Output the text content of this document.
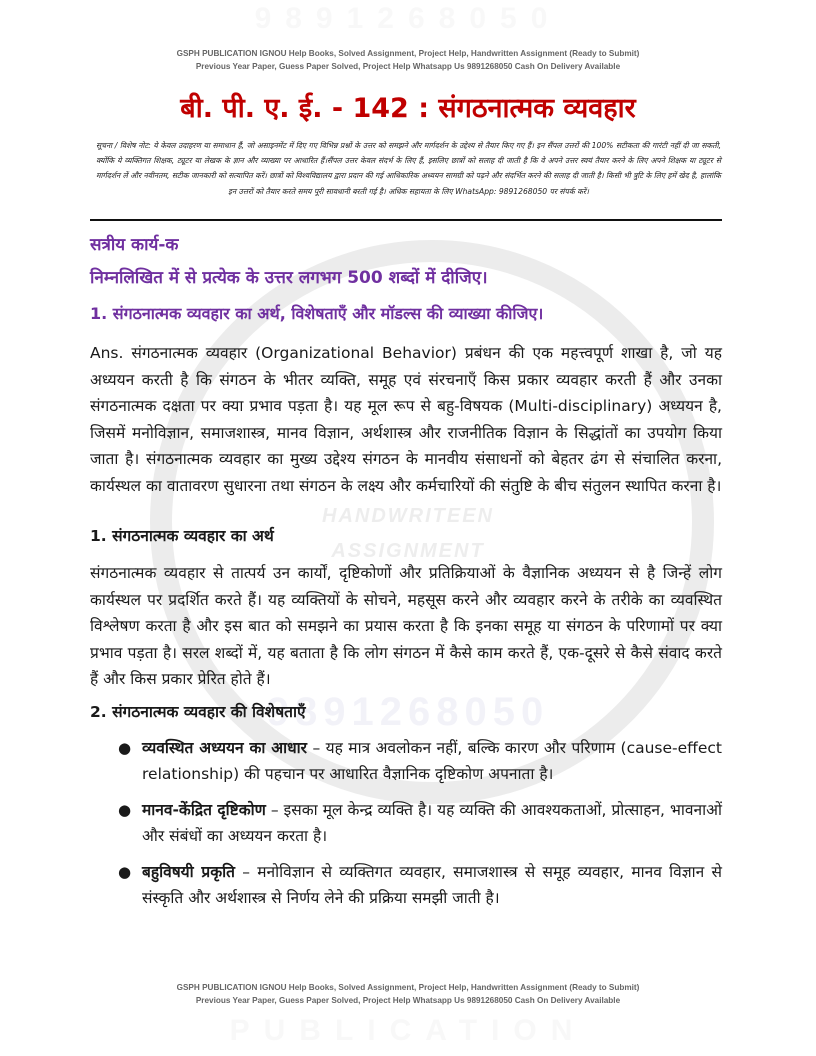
9891268050
HANDWRITEEN
ASSIGNMENT
9891268050
PUBLICATION
GSPH PUBLICATION IGNOU Help Books, Solved Assignment, Project Help, Handwritten Assignment (Ready to Submit)
Previous Year Paper, Guess Paper Solved, Project Help Whatsapp Us 9891268050 Cash On Delivery Available
बी. पी. ए. ई. - 142 : संगठनात्मक व्यवहार
सूचना / विशेष नोट: ये केवल उदाहरण या समाधान हैं, जो असाइनमेंट में दिए गए विभिन्न प्रश्नों के उत्तर को समझने और मार्गदर्शन के उद्देश्य से तैयार किए गए हैं। इन सैंपल उत्तरों की 100% सटीकता की गारंटी नहीं दी जा सकती, क्योंकि ये व्यक्तिगत शिक्षक, ट्यूटर या लेखक के ज्ञान और व्याख्या पर आधारित हैं।सैंपल उत्तर केवल संदर्भ के लिए हैं, इसलिए छात्रों को सलाह दी जाती है कि वे अपने उत्तर स्वयं तैयार करने के लिए अपने शिक्षक या ट्यूटर से मार्गदर्शन लें और नवीनतम, सटीक जानकारी को सत्यापित करें। छात्रों को विश्वविद्यालय द्वारा प्रदान की गई आधिकारिक अध्ययन सामग्री को पढ़ने और संदर्भित करने की सलाह दी जाती है। किसी भी त्रुटि के लिए हमें खेद है, हालांकि इन उत्तरों को तैयार करते समय पूरी सावधानी बरती गई है। अधिक सहायता के लिए WhatsApp: 9891268050 पर संपर्क करें।
सत्रीय कार्य-क
निम्नलिखित में से प्रत्येक के उत्तर लगभग 500 शब्दों में दीजिए।
1. संगठनात्मक व्यवहार का अर्थ, विशेषताएँ और मॉडल्स की व्याख्या कीजिए।
Ans. संगठनात्मक व्यवहार (Organizational Behavior) प्रबंधन की एक महत्त्वपूर्ण शाखा है, जो यह अध्ययन करती है कि संगठन के भीतर व्यक्ति, समूह एवं संरचनाएँ किस प्रकार व्यवहार करती हैं और उनका संगठनात्मक दक्षता पर क्या प्रभाव पड़ता है। यह मूल रूप से बहु-विषयक (Multi-disciplinary) अध्ययन है, जिसमें मनोविज्ञान, समाजशास्त्र, मानव विज्ञान, अर्थशास्त्र और राजनीतिक विज्ञान के सिद्धांतों का उपयोग किया जाता है। संगठनात्मक व्यवहार का मुख्य उद्देश्य संगठन के मानवीय संसाधनों को बेहतर ढंग से संचालित करना, कार्यस्थल का वातावरण सुधारना तथा संगठन के लक्ष्य और कर्मचारियों की संतुष्टि के बीच संतुलन स्थापित करना है।
1. संगठनात्मक व्यवहार का अर्थ
संगठनात्मक व्यवहार से तात्पर्य उन कार्यों, दृष्टिकोणों और प्रतिक्रियाओं के वैज्ञानिक अध्ययन से है जिन्हें लोग कार्यस्थल पर प्रदर्शित करते हैं। यह व्यक्तियों के सोचने, महसूस करने और व्यवहार करने के तरीके का व्यवस्थित विश्लेषण करता है और इस बात को समझने का प्रयास करता है कि इनका समूह या संगठन के परिणामों पर क्या प्रभाव पड़ता है। सरल शब्दों में, यह बताता है कि लोग संगठन में कैसे काम करते हैं, एक-दूसरे से कैसे संवाद करते हैं और किस प्रकार प्रेरित होते हैं।
2. संगठनात्मक व्यवहार की विशेषताएँ
● व्यवस्थित अध्ययन का आधार – यह मात्र अवलोकन नहीं, बल्कि कारण और परिणाम (cause-effect relationship) की पहचान पर आधारित वैज्ञानिक दृष्टिकोण अपनाता है।
● मानव-केंद्रित दृष्टिकोण – इसका मूल केन्द्र व्यक्ति है। यह व्यक्ति की आवश्यकताओं, प्रोत्साहन, भावनाओं और संबंधों का अध्ययन करता है।
● बहुविषयी प्रकृति – मनोविज्ञान से व्यक्तिगत व्यवहार, समाजशास्त्र से समूह व्यवहार, मानव विज्ञान से संस्कृति और अर्थशास्त्र से निर्णय लेने की प्रक्रिया समझी जाती है।
GSPH PUBLICATION IGNOU Help Books, Solved Assignment, Project Help, Handwritten Assignment (Ready to Submit)
Previous Year Paper, Guess Paper Solved, Project Help Whatsapp Us 9891268050 Cash On Delivery Available
